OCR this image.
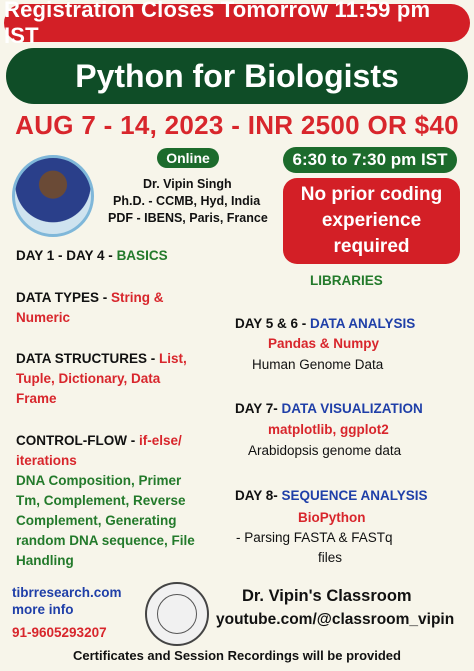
Registration Closes Tomorrow 11:59 pm IST
Python for Biologists
AUG 7 - 14, 2023 - INR 2500 OR $40
Online	6:30 to 7:30 pm IST
No prior coding
experience
required
Dr. Vipin Singh
Ph.D. - CCMB, Hyd, India
PDF - IBENS, Paris, France
DAY 1 - DAY 4 - BASICS
DATA TYPES - String &
Numeric
DATA STRUCTURES - List,
Tuple, Dictionary, Data
Frame
CONTROL-FLOW - if-else/
iterations
DNA Composition, Primer
Tm, Complement, Reverse
Complement, Generating
random DNA sequence, File
Handling
LIBRARIES
DAY 5 & 6 - DATA ANALYSIS
Pandas & Numpy
Human Genome Data
DAY 7- DATA VISUALIZATION
matplotlib, ggplot2
Arabidopsis genome data
DAY 8- SEQUENCE ANALYSIS
BioPython
- Parsing FASTA & FASTq
files
tibrresearch.com
more info
91-9605293207
Dr. Vipin's Classroom
youtube.com/@classroom_vipin
Certificates and Session Recordings will be provided
